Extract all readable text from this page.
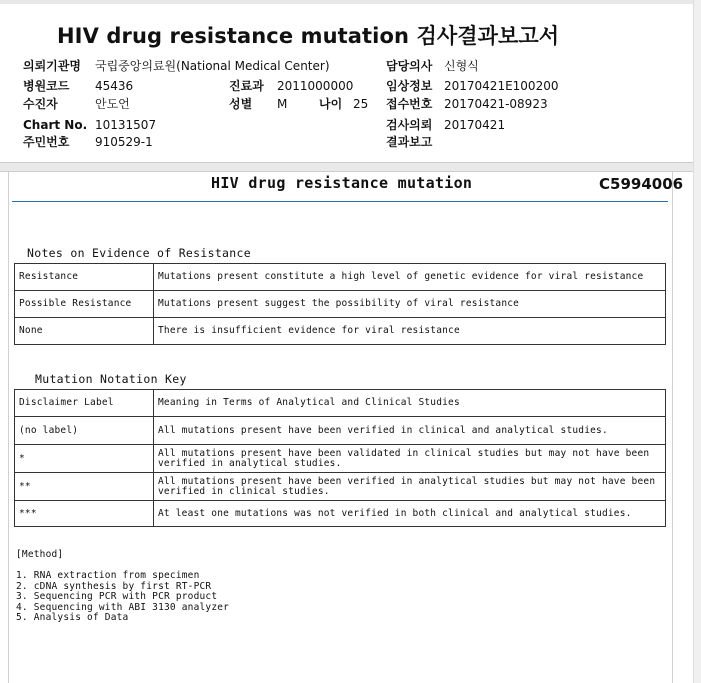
HIV drug resistance mutation 검사결과보고서
의뢰기관명 국립중앙의료원(National Medical Center)	담당의사 신형식
병원코드 45436	진료과 2011000000	임상정보 20170421E100200
수진자	안도언	성별 M	나이 25 접수번호 20170421-08923
Chart No. 10131507	검사의뢰 20170421
주민번호 910529-1	결과보고
HIV drug resistance mutation	C5994006
Notes on Evidence of Resistance
Resistance	Mutations present constitute a high level of genetic evidence for viral resistance
Possible Resistance	Mutations present suggest the possibility of viral resistance
None	There is insufficient evidence for viral resistance
Mutation Notation Key
Disclaimer Label	Meaning in Terms of Analytical and Clinical Studies
(no label)	All mutations present have been verified in clinical and analytical studies.
*	All mutations present have been validated in clinical studies but may not have been verified in analytical studies.
**	All mutations present have been verified in analytical studies but may not have been verified in clinical studies.
***	At least one mutations was not verified in both clinical and analytical studies.
[Method]

1. RNA extraction from specimen
2. cDNA synthesis by first RT-PCR
3. Sequencing PCR with PCR product
4. Sequencing with ABI 3130 analyzer
5. Analysis of Data
